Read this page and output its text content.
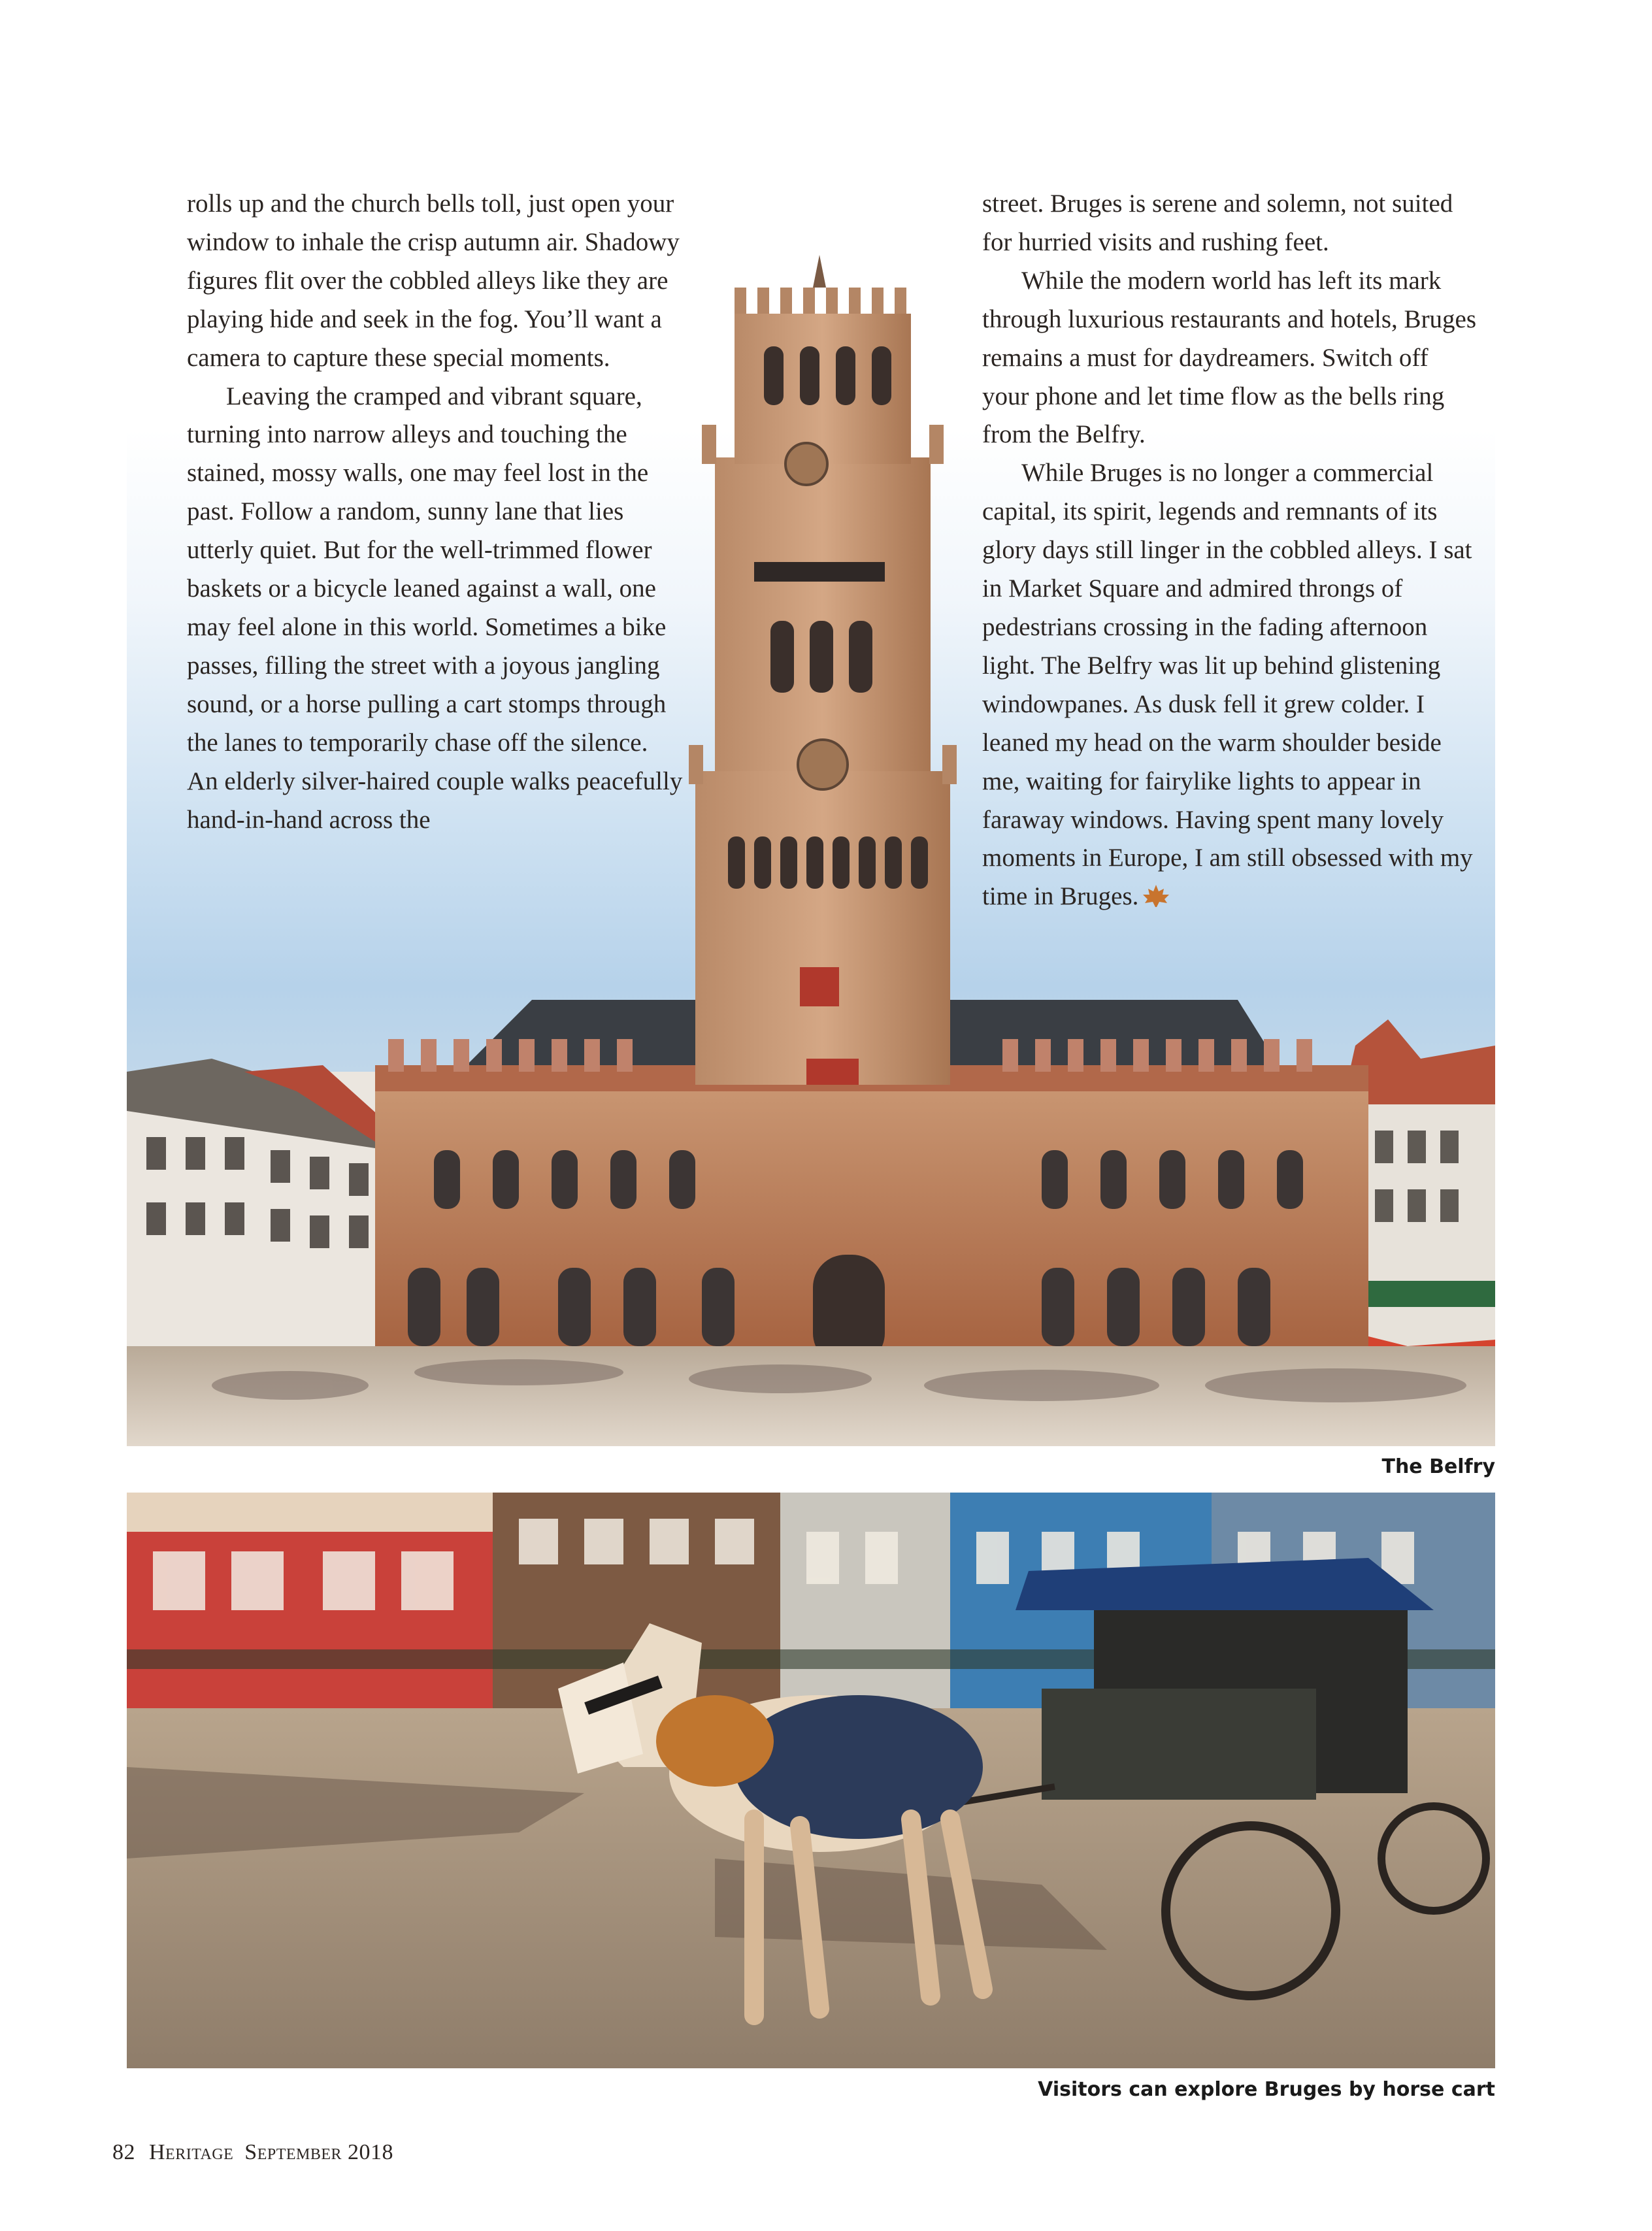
The Belfry
Visitors can explore Bruges by horse cart

rolls up and the church bells toll, just open your window to inhale the crisp autumn air. Shadowy figures flit over the cobbled alleys like they are playing hide and seek in the fog. You’ll want a camera to capture these special moments.

Leaving the cramped and vibrant square, turning into narrow alleys and touching the stained, mossy walls, one may feel lost in the past. Follow a random, sunny lane that lies utterly quiet. But for the well-trimmed flower baskets or a bicycle leaned against a wall, one may feel alone in this world. Sometimes a bike passes, filling the street with a joyous jangling sound, or a horse pulling a cart stomps through the lanes to temporarily chase off the silence. An elderly silver-haired couple walks peacefully hand-in-hand across the

street. Bruges is serene and solemn, not suited for hurried visits and rushing feet.

While the modern world has left its mark through luxurious restaurants and hotels, Bruges remains a must for daydreamers. Switch off your phone and let time flow as the bells ring from the Belfry.

While Bruges is no longer a commercial capital, its spirit, legends and remnants of its glory days still linger in the cobbled alleys. I sat in Market Square and admired throngs of pedestrians crossing in the fading afternoon light. The Belfry was lit up behind glistening windowpanes. As dusk fell it grew colder. I leaned my head on the warm shoulder beside me, waiting for fairylike lights to appear in faraway windows. Having spent many lovely moments in Europe, I am still obsessed with my time in Bruges.

82 Heritage September 2018
